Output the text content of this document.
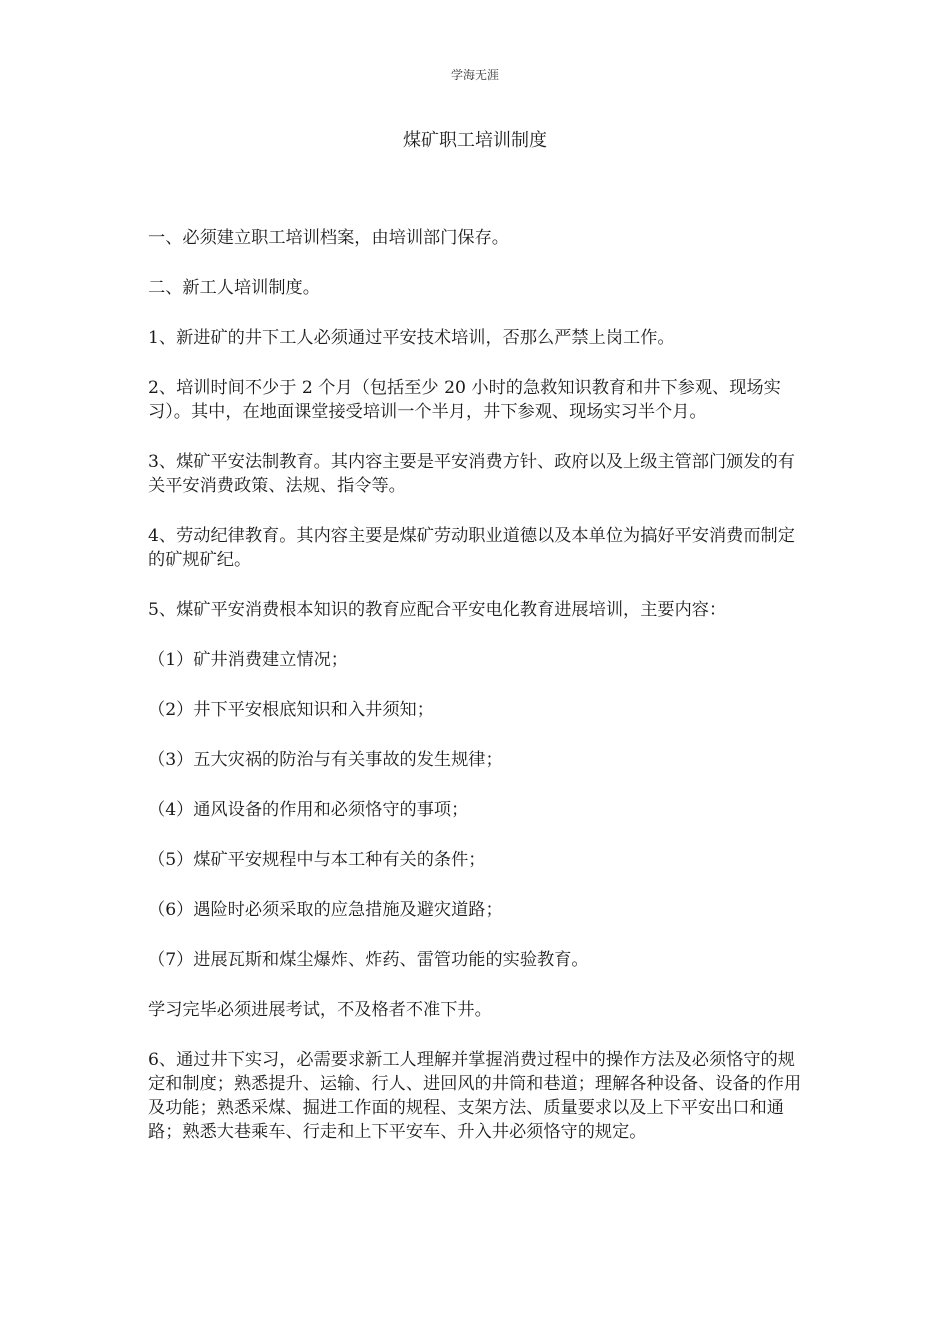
学海无涯
煤矿职工培训制度

一、必须建立职工培训档案，由培训部门保存。

二、新工人培训制度。

1、新进矿的井下工人必须通过平安技术培训，否那么严禁上岗工作。

2、培训时间不少于 2 个月（包括至少 20 小时的急救知识教育和井下参观、现场实习）。其中，在地面课堂接受培训一个半月，井下参观、现场实习半个月。

3、煤矿平安法制教育。其内容主要是平安消费方针、政府以及上级主管部门颁发的有关平安消费政策、法规、指令等。

4、劳动纪律教育。其内容主要是煤矿劳动职业道德以及本单位为搞好平安消费而制定的矿规矿纪。

5、煤矿平安消费根本知识的教育应配合平安电化教育进展培训，主要内容：

（1）矿井消费建立情况；

（2）井下平安根底知识和入井须知；

（3）五大灾祸的防治与有关事故的发生规律；

（4）通风设备的作用和必须恪守的事项；

（5）煤矿平安规程中与本工种有关的条件；

（6）遇险时必须采取的应急措施及避灾道路；

（7）进展瓦斯和煤尘爆炸、炸药、雷管功能的实验教育。

学习完毕必须进展考试，不及格者不准下井。

6、通过井下实习，必需要求新工人理解并掌握消费过程中的操作方法及必须恪守的规定和制度；熟悉提升、运输、行人、进回风的井筒和巷道；理解各种设备、设备的作用及功能；熟悉采煤、掘进工作面的规程、支架方法、质量要求以及上下平安出口和通路；熟悉大巷乘车、行走和上下平安车、升入井必须恪守的规定。
